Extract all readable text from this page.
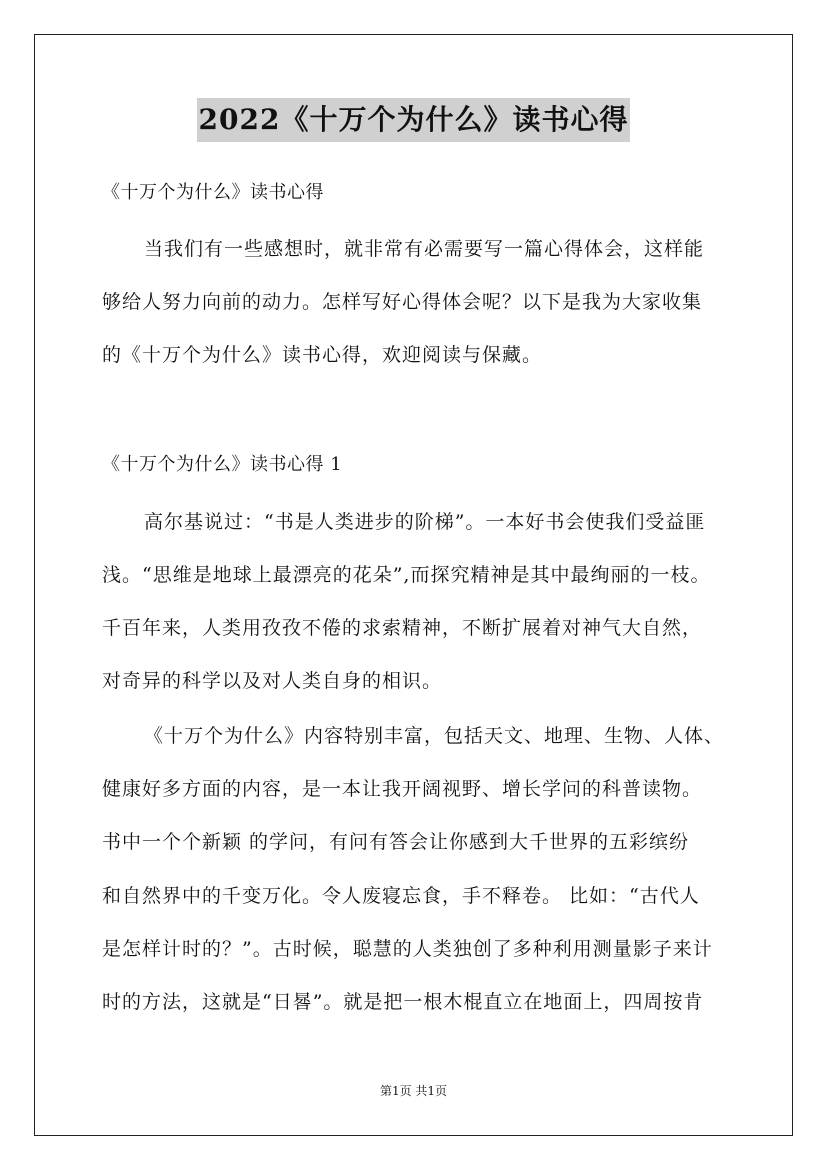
2022《十万个为什么》读书心得
《十万个为什么》读书心得
当我们有一些感想时，就非常有必需要写一篇心得体会，这样能
够给人努力向前的动力。怎样写好心得体会呢？以下是我为大家收集
的《十万个为什么》读书心得，欢迎阅读与保藏。
《十万个为什么》读书心得 1
高尔基说过：“书是人类进步的阶梯”。一本好书会使我们受益匪
浅。“思维是地球上最漂亮的花朵”,而探究精神是其中最绚丽的一枝。
千百年来，人类用孜孜不倦的求索精神，不断扩展着对神气大自然，
对奇异的科学以及对人类自身的相识。
《十万个为什么》内容特别丰富，包括天文、地理、生物、人体、
健康好多方面的内容，是一本让我开阔视野、增长学问的科普读物。
书中一个个新颖 的学问，有问有答会让你感到大千世界的五彩缤纷
和自然界中的千变万化。令人废寝忘食，手不释卷。 比如：“古代人
是怎样计时的？”。古时候，聪慧的人类独创了多种利用测量影子来计
时的方法，这就是“日晷”。就是把一根木棍直立在地面上，四周按肯
第1页 共1页
